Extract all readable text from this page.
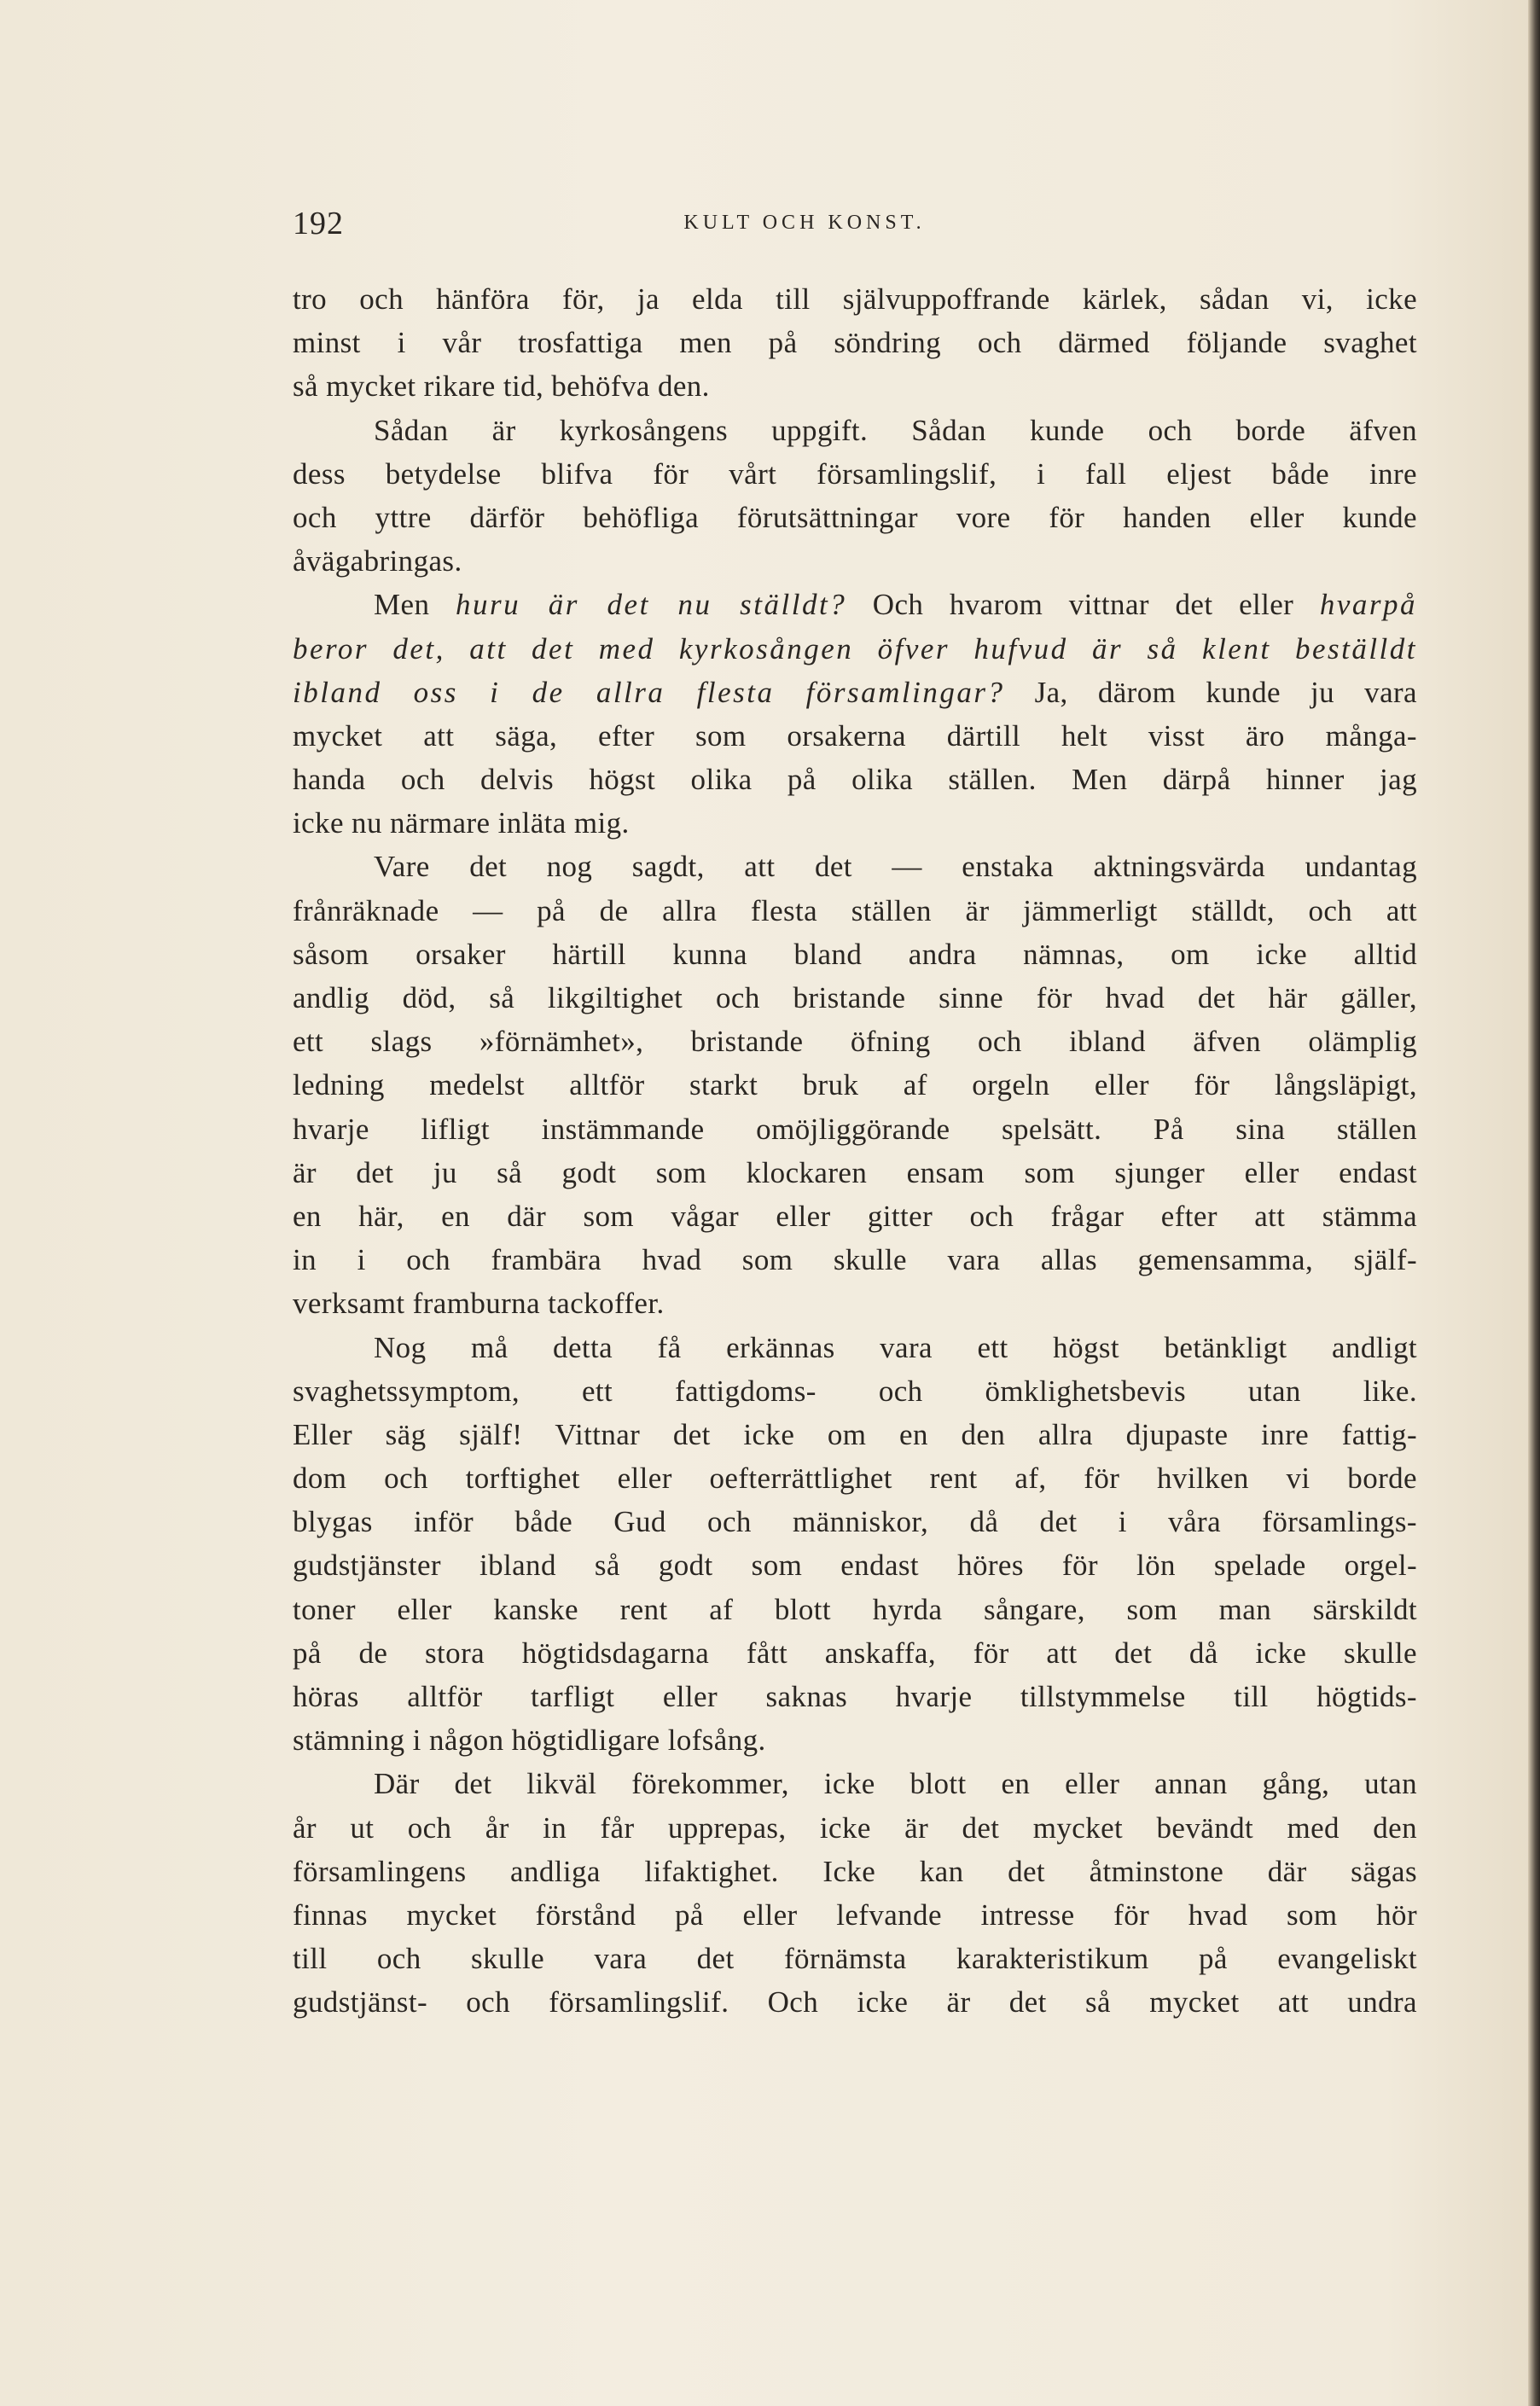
192	KULT OCH KONST.
tro och hänföra för, ja elda till självuppoffrande kärlek, sådan vi, icke
minst i vår trosfattiga men på söndring och därmed följande svaghet
så mycket rikare tid, behöfva den.
Sådan är kyrkosångens uppgift. Sådan kunde och borde äfven
dess betydelse blifva för vårt församlingslif, i fall eljest både inre
och yttre därför behöfliga förutsättningar vore för handen eller kunde
åvägabringas.
Men huru är det nu ställdt? Och hvarom vittnar det eller hvarpå
beror det, att det med kyrkosången öfver hufvud är så klent beställdt
ibland oss i de allra flesta församlingar? Ja, därom kunde ju vara
mycket att säga, efter som orsakerna därtill helt visst äro många-
handa och delvis högst olika på olika ställen. Men därpå hinner jag
icke nu närmare inläta mig.
Vare det nog sagdt, att det — enstaka aktningsvärda undantag
frånräknade — på de allra flesta ställen är jämmerligt ställdt, och att
såsom orsaker härtill kunna bland andra nämnas, om icke alltid
andlig död, så likgiltighet och bristande sinne för hvad det här gäller,
ett slags »förnämhet», bristande öfning och ibland äfven olämplig
ledning medelst alltför starkt bruk af orgeln eller för långsläpigt,
hvarje lifligt instämmande omöjliggörande spelsätt. På sina ställen
är det ju så godt som klockaren ensam som sjunger eller endast
en här, en där som vågar eller gitter och frågar efter att stämma
in i och frambära hvad som skulle vara allas gemensamma, själf-
verksamt framburna tackoffer.
Nog må detta få erkännas vara ett högst betänkligt andligt
svaghetssymptom, ett fattigdoms- och ömklighetsbevis utan like.
Eller säg själf! Vittnar det icke om en den allra djupaste inre fattig-
dom och torftighet eller oefterrättlighet rent af, för hvilken vi borde
blygas inför både Gud och människor, då det i våra församlings-
gudstjänster ibland så godt som endast höres för lön spelade orgel-
toner eller kanske rent af blott hyrda sångare, som man särskildt
på de stora högtidsdagarna fått anskaffa, för att det då icke skulle
höras alltför tarfligt eller saknas hvarje tillstymmelse till högtids-
stämning i någon högtidligare lofsång.
Där det likväl förekommer, icke blott en eller annan gång, utan
år ut och år in får upprepas, icke är det mycket bevändt med den
församlingens andliga lifaktighet. Icke kan det åtminstone där sägas
finnas mycket förstånd på eller lefvande intresse för hvad som hör
till och skulle vara det förnämsta karakteristikum på evangeliskt
gudstjänst- och församlingslif. Och icke är det så mycket att undra
